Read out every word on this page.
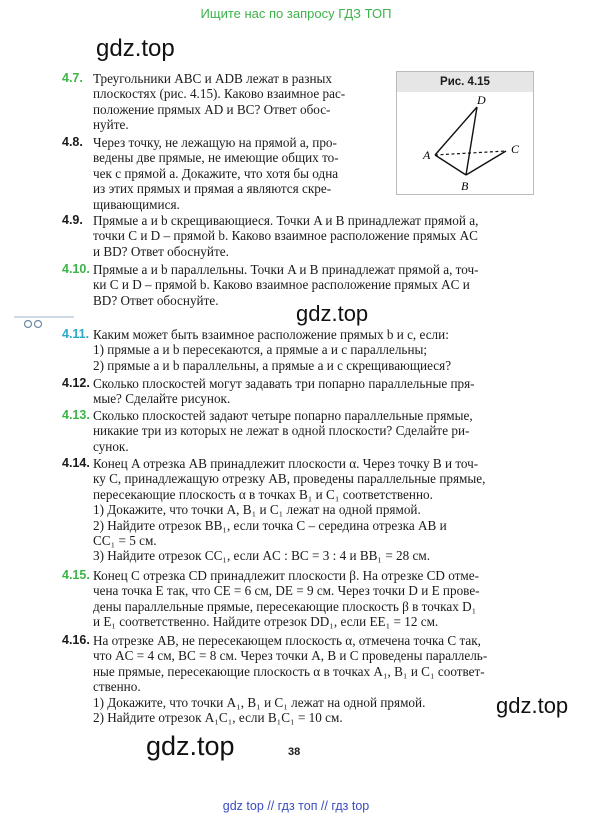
Ищите нас по запросу ГДЗ ТОП
gdz.top
Рис. 4.15
D
A	C
B
4.7. Треугольники ABC и ADB лежат в разных
плоскостях (рис. 4.15). Каково взаимное рас-
положение прямых AD и BC? Ответ обос-
нуйте.
4.8. Через точку, не лежащую на прямой a, про-
ведены две прямые, не имеющие общих то-
чек с прямой a. Докажите, что хотя бы одна
из этих прямых и прямая a являются скре-
щивающимися.
4.9. Прямые a и b скрещивающиеся. Точки A и B принадлежат прямой a,
точки C и D – прямой b. Каково взаимное расположение прямых AC
и BD? Ответ обоснуйте.
4.10. Прямые a и b параллельны. Точки A и B принадлежат прямой a, точ-
ки C и D – прямой b. Каково взаимное расположение прямых AC и
BD? Ответ обоснуйте.
gdz.top
4.11. Каким может быть взаимное расположение прямых b и c, если:
1) прямые a и b пересекаются, а прямые a и c параллельны;
2) прямые a и b параллельны, а прямые a и c скрещивающиеся?
4.12. Сколько плоскостей могут задавать три попарно параллельные пря-
мые? Сделайте рисунок.
4.13. Сколько плоскостей задают четыре попарно параллельные прямые,
никакие три из которых не лежат в одной плоскости? Сделайте ри-
сунок.
4.14. Конец A отрезка AB принадлежит плоскости α. Через точку B и точ-
ку C, принадлежащую отрезку AB, проведены параллельные прямые,
пересекающие плоскость α в точках B₁ и C₁ соответственно.
1) Докажите, что точки A, B₁ и C₁ лежат на одной прямой.
2) Найдите отрезок BB₁, если точка C – середина отрезка AB и
CC₁ = 5 см.
3) Найдите отрезок CC₁, если AC : BC = 3 : 4 и BB₁ = 28 см.
4.15. Конец C отрезка CD принадлежит плоскости β. На отрезке CD отме-
чена точка E так, что CE = 6 см, DE = 9 см. Через точки D и E прове-
дены параллельные прямые, пересекающие плоскость β в точках D₁
и E₁ соответственно. Найдите отрезок DD₁, если EE₁ = 12 см.
4.16. На отрезке AB, не пересекающем плоскость α, отмечена точка C так,
что AC = 4 см, BC = 8 см. Через точки A, B и C проведены параллель-
ные прямые, пересекающие плоскость α в точках A₁, B₁ и C₁ соответ-
ственно.
1) Докажите, что точки A₁, B₁ и C₁ лежат на одной прямой.
2) Найдите отрезок A₁C₁, если B₁C₁ = 10 см.	gdz.top
gdz.top	38
gdz top // гдз топ // гдз top
